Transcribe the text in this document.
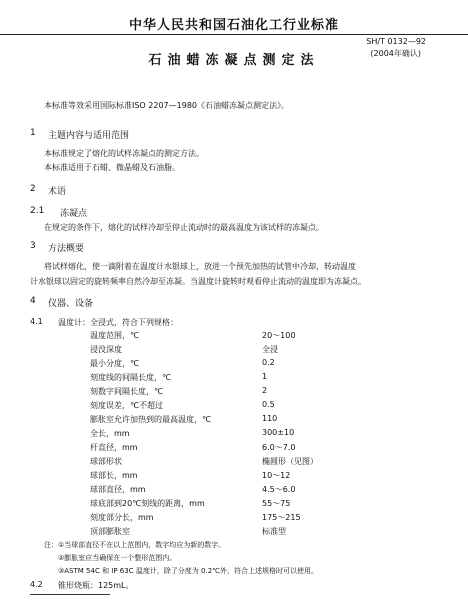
中华人民共和国石油化工行业标准
SH/T 0132—92
(2004年确认)
石油蜡冻凝点测定法
本标准等效采用国际标准ISO 2207—1980《石油蜡冻凝点测定法》。
1 主题内容与适用范围
本标准规定了熔化的试样冻凝点的测定方法。
本标准适用于石蜡、微晶蜡及石油脂。
2 术语
2.1 冻凝点
在规定的条件下，熔化的试样冷却至停止流动时的最高温度为该试样的冻凝点。
3 方法概要
将试样熔化，使一滴附着在温度计水银球上，放进一个预先加热的试管中冷却，转动温度
计水银球以固定的旋转频率自然冷却至冻凝。当温度计旋转时观看停止流动的温度即为冻凝点。
4 仪器、设备
4.1 温度计：全浸式，符合下列规格：
温度范围，℃	20～100
浸没深度	全浸
最小分度，℃	0.2
刻度线的间隔长度，℃	1
刻数字间隔长度，℃	2
刻度误差，℃不超过	0.5
膨胀室允许加热到的最高温度，℃	110
全长，mm	300±10
杆直径，mm	6.0～7.0
球部形状	椭圆形（见图）
球部长，mm	10～12
球部直径，mm	4.5～6.0
球底部到20℃刻线的距离，mm	55～75
刻度部分长，mm	175～215
顶部膨胀室	标准型
注：①当球部直径不在以上范围内，数字均应为新的数字。
②膨胀室应当确保在一个整形范围内。
③ASTM 54C 和 IP 63C 温度计，除了分度为 0.2℃外，符合上述规格时可以使用。
4.2 锥形烧瓶：125mL。
